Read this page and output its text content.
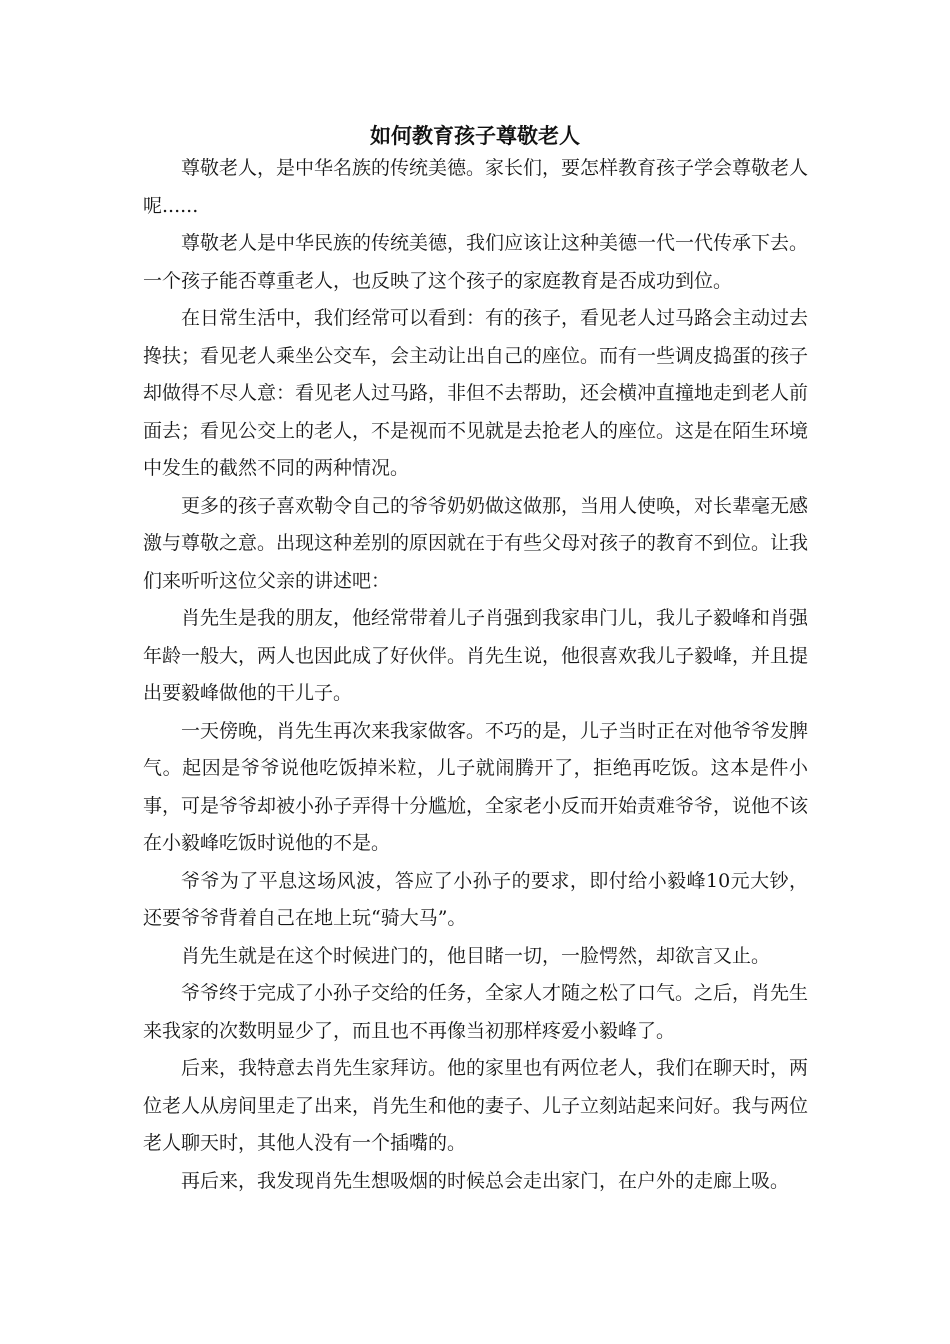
如何教育孩子尊敬老人

尊敬老人，是中华名族的传统美德。家长们，要怎样教育孩子学会尊敬老人呢......

尊敬老人是中华民族的传统美德，我们应该让这种美德一代一代传承下去。一个孩子能否尊重老人，也反映了这个孩子的家庭教育是否成功到位。

在日常生活中，我们经常可以看到：有的孩子，看见老人过马路会主动过去搀扶；看见老人乘坐公交车，会主动让出自己的座位。而有一些调皮捣蛋的孩子却做得不尽人意：看见老人过马路，非但不去帮助，还会横冲直撞地走到老人前面去；看见公交上的老人，不是视而不见就是去抢老人的座位。这是在陌生环境中发生的截然不同的两种情况。

更多的孩子喜欢勒令自己的爷爷奶奶做这做那，当用人使唤，对长辈毫无感激与尊敬之意。出现这种差别的原因就在于有些父母对孩子的教育不到位。让我们来听听这位父亲的讲述吧：

肖先生是我的朋友，他经常带着儿子肖强到我家串门儿，我儿子毅峰和肖强年龄一般大，两人也因此成了好伙伴。肖先生说，他很喜欢我儿子毅峰，并且提出要毅峰做他的干儿子。

一天傍晚，肖先生再次来我家做客。不巧的是，儿子当时正在对他爷爷发脾气。起因是爷爷说他吃饭掉米粒，儿子就闹腾开了，拒绝再吃饭。这本是件小事，可是爷爷却被小孙子弄得十分尴尬，全家老小反而开始责难爷爷，说他不该在小毅峰吃饭时说他的不是。

爷爷为了平息这场风波，答应了小孙子的要求，即付给小毅峰10元大钞，还要爷爷背着自己在地上玩“骑大马”。

肖先生就是在这个时候进门的，他目睹一切，一脸愕然，却欲言又止。

爷爷终于完成了小孙子交给的任务，全家人才随之松了口气。之后，肖先生来我家的次数明显少了，而且也不再像当初那样疼爱小毅峰了。

后来，我特意去肖先生家拜访。他的家里也有两位老人，我们在聊天时，两位老人从房间里走了出来，肖先生和他的妻子、儿子立刻站起来问好。我与两位老人聊天时，其他人没有一个插嘴的。

再后来，我发现肖先生想吸烟的时候总会走出家门，在户外的走廊上吸。
